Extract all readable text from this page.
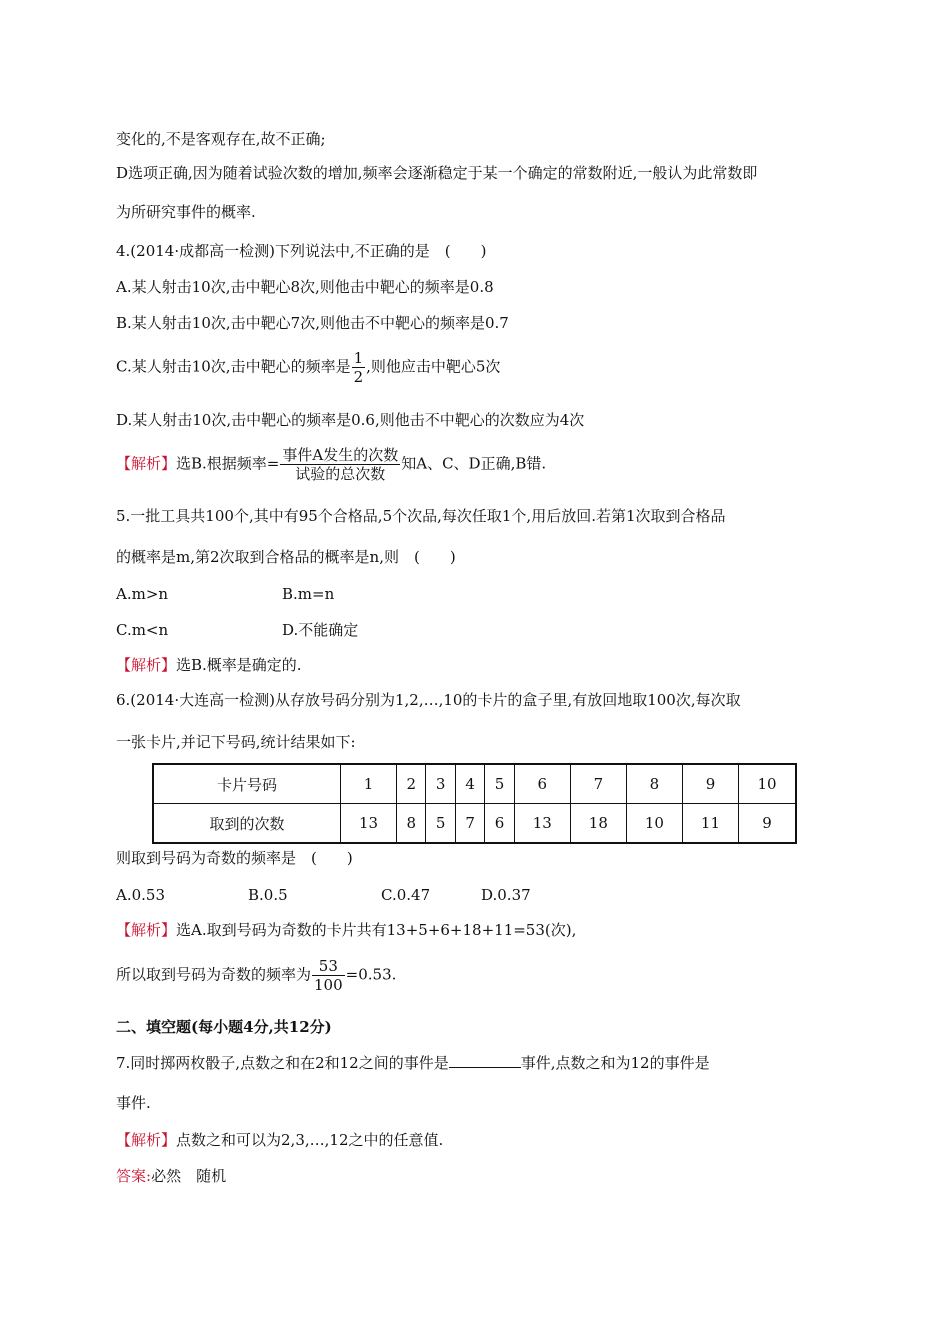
变化的,不是客观存在,故不正确;
D选项正确,因为随着试验次数的增加,频率会逐渐稳定于某一个确定的常数附近,一般认为此常数即
为所研究事件的概率.
4.(2014·成都高一检测)下列说法中,不正确的是　(　　)
A.某人射击10次,击中靶心8次,则他击中靶心的频率是0.8
B.某人射击10次,击中靶心7次,则他击不中靶心的频率是0.7
C.某人射击10次,击中靶心的频率是 $\frac{1}{2}$ ,则他应击中靶心5次
D.某人射击10次,击中靶心的频率是0.6,则他击不中靶心的次数应为4次
【解析】选B.根据频率= $\frac{\text{事件A发生的次数}}{\text{试验的总次数}}$ 知A、C、D正确,B错.
5.一批工具共100个,其中有95个合格品,5个次品,每次任取1个,用后放回.若第1次取到合格品
的概率是m,第2次取到合格品的概率是n,则　(　　)
A.m>n	B.m=n
C.m<n	D.不能确定
【解析】选B.概率是确定的.
6.(2014·大连高一检测)从存放号码分别为1,2,…,10的卡片的盒子里,有放回地取100次,每次取
一张卡片,并记下号码,统计结果如下:
卡片号码	1	2	3	4	5	6	7	8	9	10
取到的次数	13	8	5	7	6	13	18	10	11	9
则取到号码为奇数的频率是　(　　)
A.0.53	B.0.5	C.0.47	D.0.37
【解析】选A.取到号码为奇数的卡片共有13+5+6+18+11=53(次),
所以取到号码为奇数的频率为 $\frac{53}{100} =0.53$.
二、填空题(每小题4分,共12分)
7.同时掷两枚骰子,点数之和在2和12之间的事件是	事件,点数之和为12的事件是
事件.
【解析】点数之和可以为2,3,…,12之中的任意值.
答案:必然　随机
